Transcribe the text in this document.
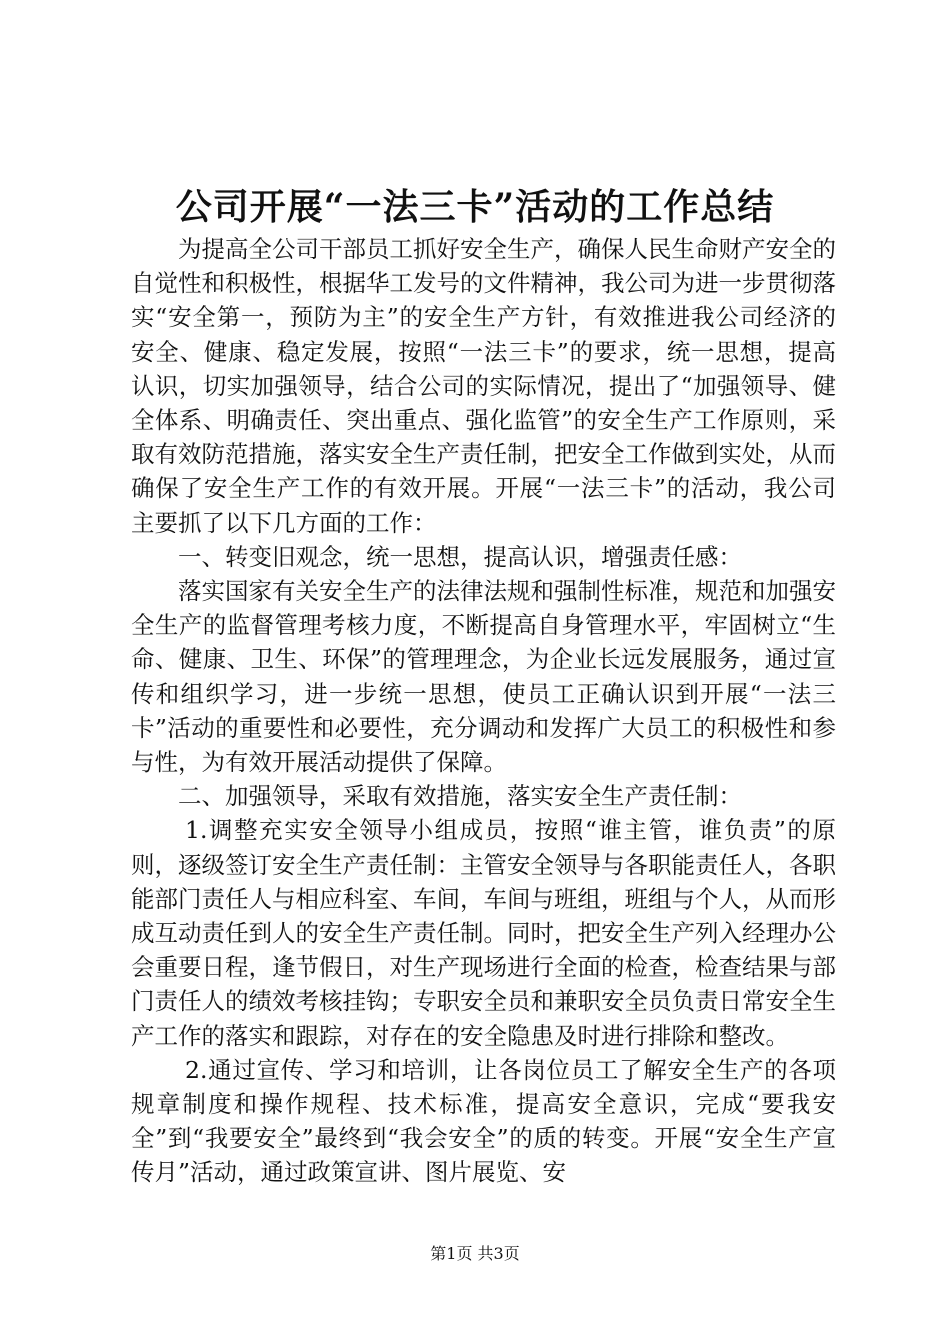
公司开展“一法三卡”活动的工作总结

为提高全公司干部员工抓好安全生产，确保人民生命财产安全的自觉性和积极性，根据华工发号的文件精神，我公司为进一步贯彻落实“安全第一，预防为主”的安全生产方针，有效推进我公司经济的安全、健康、稳定发展，按照“一法三卡”的要求，统一思想，提高认识，切实加强领导，结合公司的实际情况，提出了“加强领导、健全体系、明确责任、突出重点、强化监管”的安全生产工作原则，采取有效防范措施，落实安全生产责任制，把安全工作做到实处，从而确保了安全生产工作的有效开展。开展“一法三卡”的活动，我公司主要抓了以下几方面的工作：

一、转变旧观念，统一思想，提高认识，增强责任感：

落实国家有关安全生产的法律法规和强制性标准，规范和加强安全生产的监督管理考核力度，不断提高自身管理水平，牢固树立“生命、健康、卫生、环保”的管理理念，为企业长远发展服务，通过宣传和组织学习，进一步统一思想，使员工正确认识到开展“一法三卡”活动的重要性和必要性，充分调动和发挥广大员工的积极性和参与性，为有效开展活动提供了保障。

二、加强领导，采取有效措施，落实安全生产责任制：

1.调整充实安全领导小组成员，按照“谁主管，谁负责”的原则，逐级签订安全生产责任制：主管安全领导与各职能责任人，各职能部门责任人与相应科室、车间，车间与班组，班组与个人，从而形成互动责任到人的安全生产责任制。同时，把安全生产列入经理办公会重要日程，逢节假日，对生产现场进行全面的检查，检查结果与部门责任人的绩效考核挂钩；专职安全员和兼职安全员负责日常安全生产工作的落实和跟踪，对存在的安全隐患及时进行排除和整改。

2.通过宣传、学习和培训，让各岗位员工了解安全生产的各项规章制度和操作规程、技术标准，提高安全意识，完成“要我安全”到“我要安全”最终到“我会安全”的质的转变。开展“安全生产宣传月”活动，通过政策宣讲、图片展览、安

第1页 共3页
